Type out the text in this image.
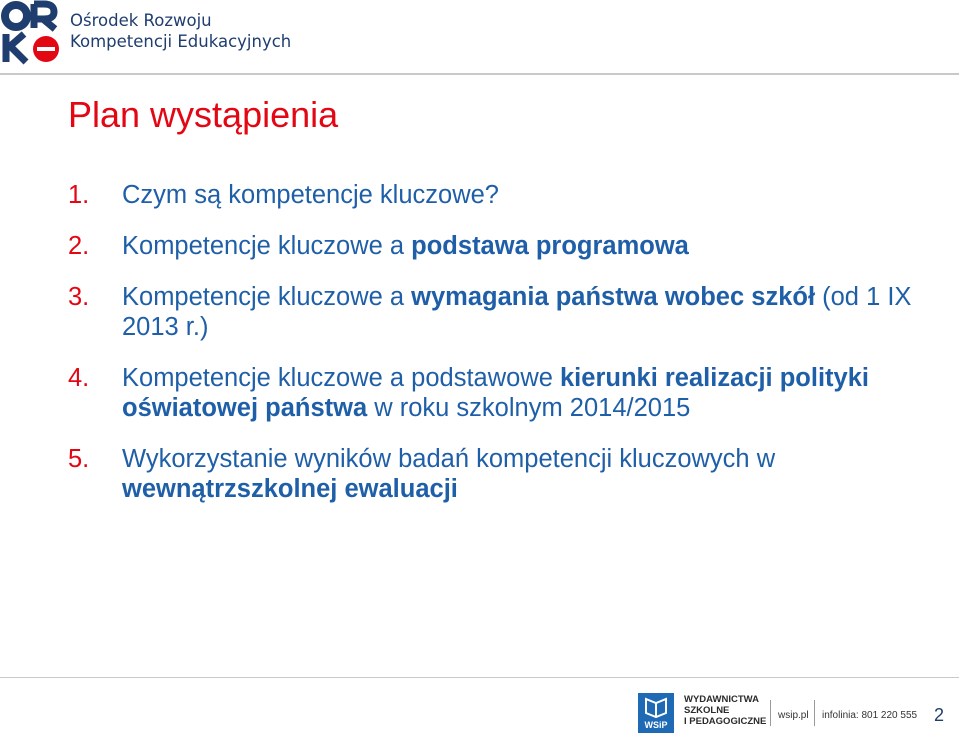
Ośrodek Rozwoju
Kompetencji Edukacyjnych
Plan wystąpienia
1. Czym są kompetencje kluczowe?
2. Kompetencje kluczowe a podstawa programowa
3. Kompetencje kluczowe a wymagania państwa wobec szkół (od 1 IX 2013 r.)
4. Kompetencje kluczowe a podstawowe kierunki realizacji polityki oświatowej państwa w roku szkolnym 2014/2015
5. Wykorzystanie wyników badań kompetencji kluczowych w wewnątrzszkolnej ewaluacji
WSiP
WYDAWNICTWA
SZKOLNE
I PEDAGOGICZNE
wsip.pl infolinia: 801 220 555 2
